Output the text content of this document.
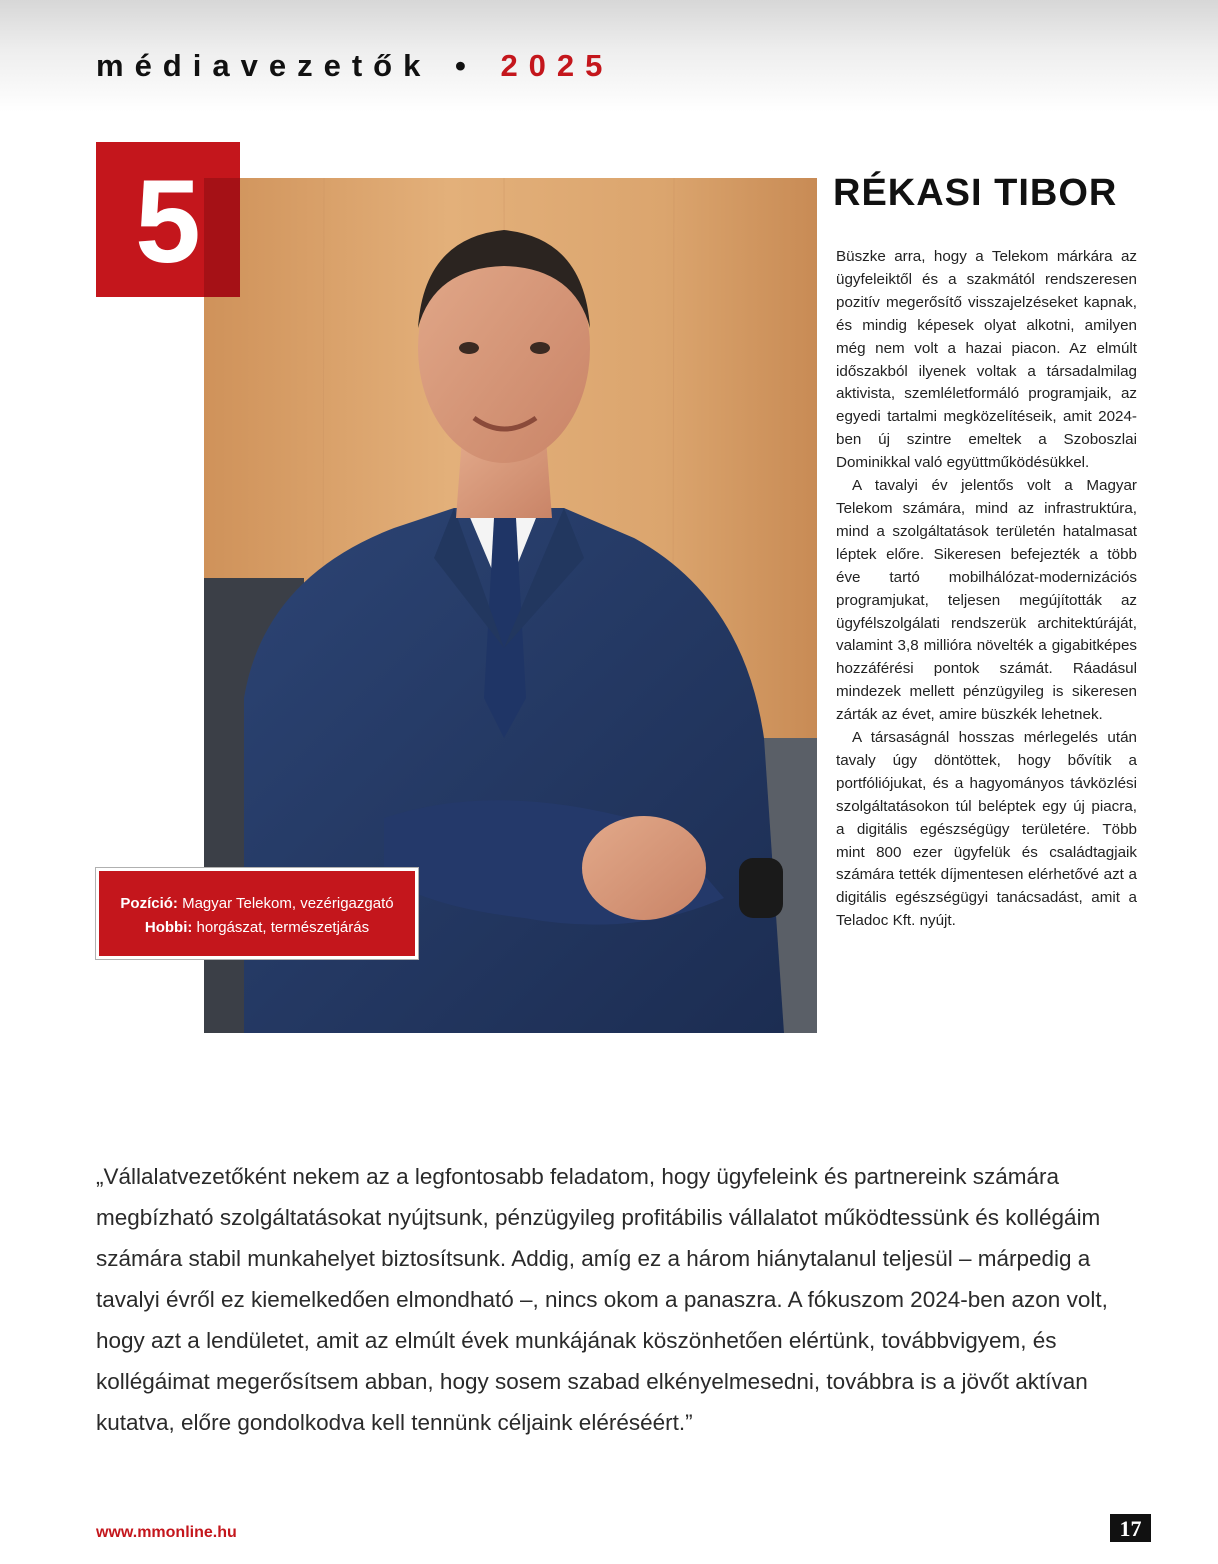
médiavezetők • 2025
5
Pozíció: Magyar Telekom, vezérigazgató
Hobbi: horgászat, természetjárás
RÉKASI TIBOR

Büszke arra, hogy a Telekom márkára az ügyfeleiktől és a szakmától rendszeresen pozitív megerősítő visszajelzéseket kapnak, és mindig képesek olyat alkotni, amilyen még nem volt a hazai piacon. Az elmúlt időszakból ilyenek voltak a társadalmilag aktivista, szemléletformáló programjaik, az egyedi tartalmi megközelítéseik, amit 2024-ben új szintre emeltek a Szoboszlai Dominikkal való együttműködésükkel.

A tavalyi év jelentős volt a Magyar Telekom számára, mind az infrastruktúra, mind a szolgáltatások területén hatalmasat léptek előre. Sikeresen befejezték a több éve tartó mobilhálózat-modernizációs programjukat, teljesen megújították az ügyfélszolgálati rendszerük architektúráját, valamint 3,8 millióra növelték a gigabitképes hozzáférési pontok számát. Ráadásul mindezek mellett pénzügyileg is sikeresen zárták az évet, amire büszkék lehetnek.

A társaságnál hosszas mérlegelés után tavaly úgy döntöttek, hogy bővítik a portfóliójukat, és a hagyományos távközlési szolgáltatásokon túl beléptek egy új piacra, a digitális egészségügy területére. Több mint 800 ezer ügyfelük és családtagjaik számára tették díjmentesen elérhetővé azt a digitális egészségügyi tanácsadást, amit a Teladoc Kft. nyújt.

„Vállalatvezetőként nekem az a legfontosabb feladatom, hogy ügyfeleink és partnereink számára megbízható szolgáltatásokat nyújtsunk, pénzügyileg profitábilis vállalatot működtessünk és kollégáim számára stabil munkahelyet biztosítsunk. Addig, amíg ez a három hiánytalanul teljesül – márpedig a tavalyi évről ez kiemelkedően elmondható –, nincs okom a panaszra. A fókuszom 2024-ben azon volt, hogy azt a lendületet, amit az elmúlt évek munkájának köszönhetően elértünk, továbbvigyem, és kollégáimat megerősítsem abban, hogy sosem szabad elkényelmesedni, továbbra is a jövőt aktívan kutatva, előre gondolkodva kell tennünk céljaink eléréséért.”
www.mmonline.hu	17
